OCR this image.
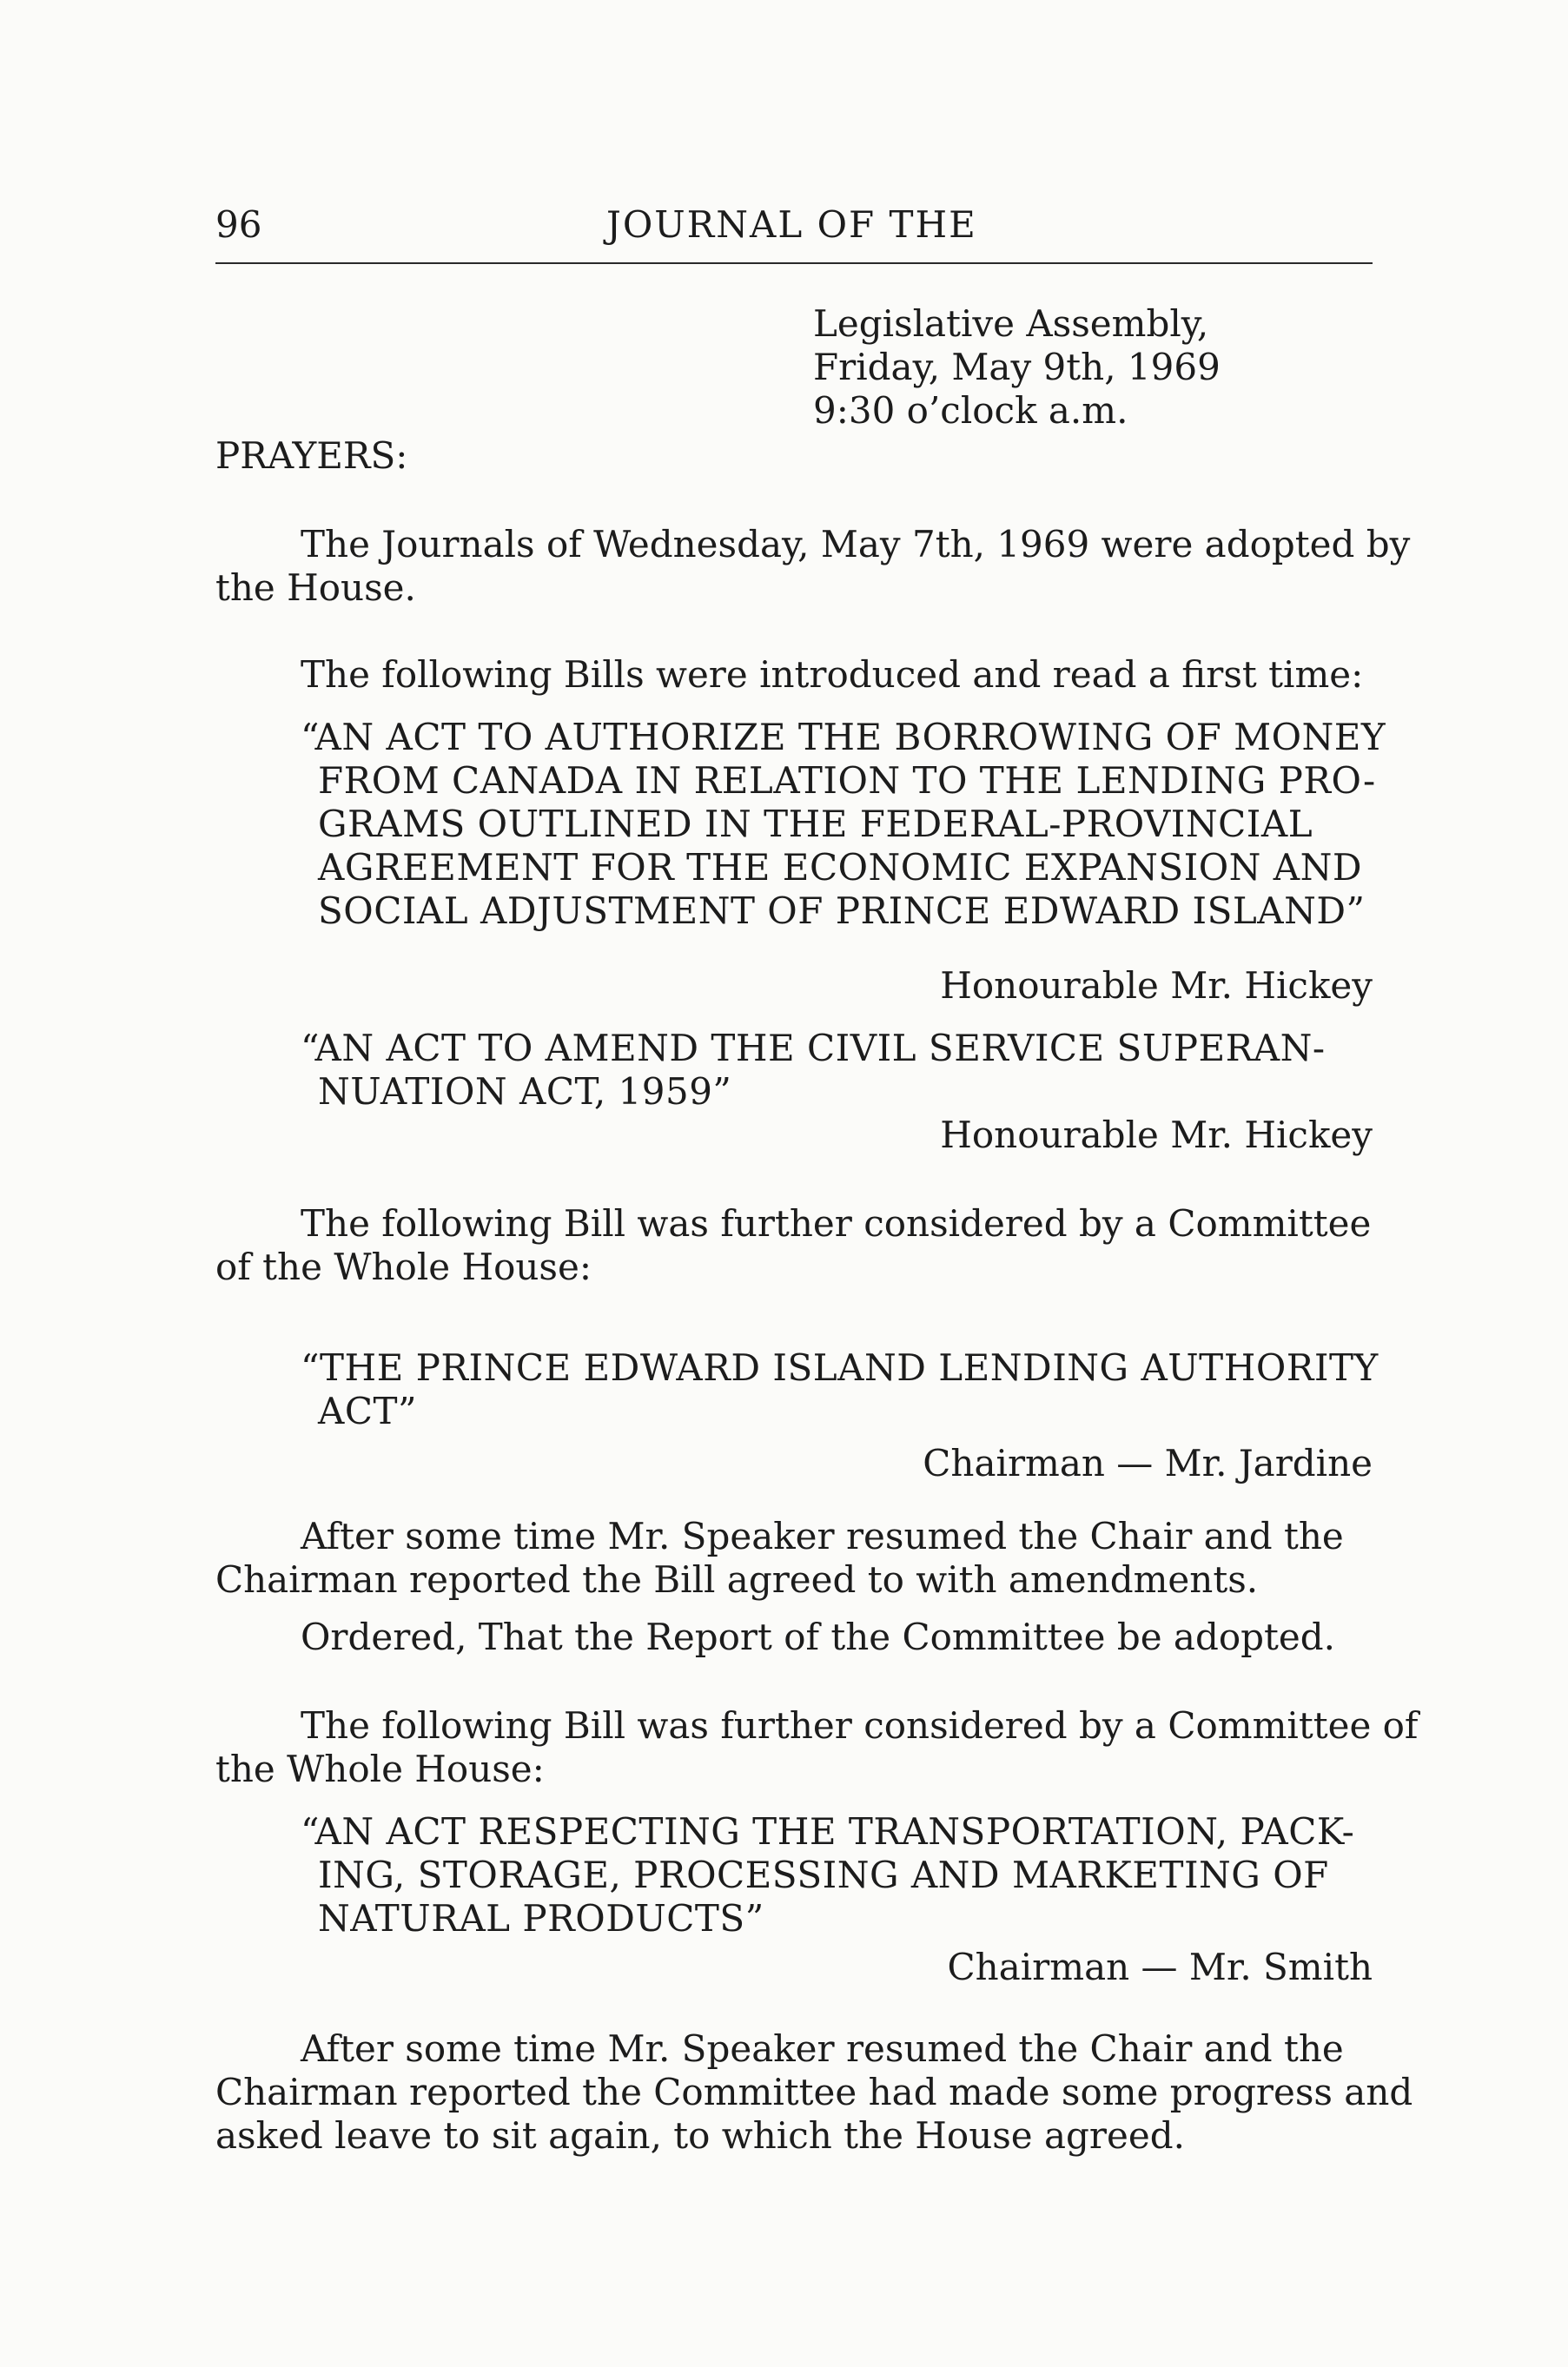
96	JOURNAL OF THE

Legislative Assembly,

Friday, May 9th, 1969

9:30 o’clock a.m.

PRAYERS:

The Journals of Wednesday, May 7th, 1969 were adopted by

the House.

The following Bills were introduced and read a first time:

“AN ACT TO AUTHORIZE THE BORROWING OF MONEY

FROM CANADA IN RELATION TO THE LENDING PRO-

GRAMS OUTLINED IN THE FEDERAL-PROVINCIAL

AGREEMENT FOR THE ECONOMIC EXPANSION AND

SOCIAL ADJUSTMENT OF PRINCE EDWARD ISLAND”

Honourable Mr. Hickey

“AN ACT TO AMEND THE CIVIL SERVICE SUPERAN-

NUATION ACT, 1959”

Honourable Mr. Hickey

The following Bill was further considered by a Committee

of the Whole House:

“THE PRINCE EDWARD ISLAND LENDING AUTHORITY

ACT”

Chairman — Mr. Jardine

After some time Mr. Speaker resumed the Chair and the

Chairman reported the Bill agreed to with amendments.

Ordered, That the Report of the Committee be adopted.

The following Bill was further considered by a Committee of

the Whole House:

“AN ACT RESPECTING THE TRANSPORTATION, PACK-

ING, STORAGE, PROCESSING AND MARKETING OF

NATURAL PRODUCTS”

Chairman — Mr. Smith

After some time Mr. Speaker resumed the Chair and the

Chairman reported the Committee had made some progress and

asked leave to sit again, to which the House agreed.
